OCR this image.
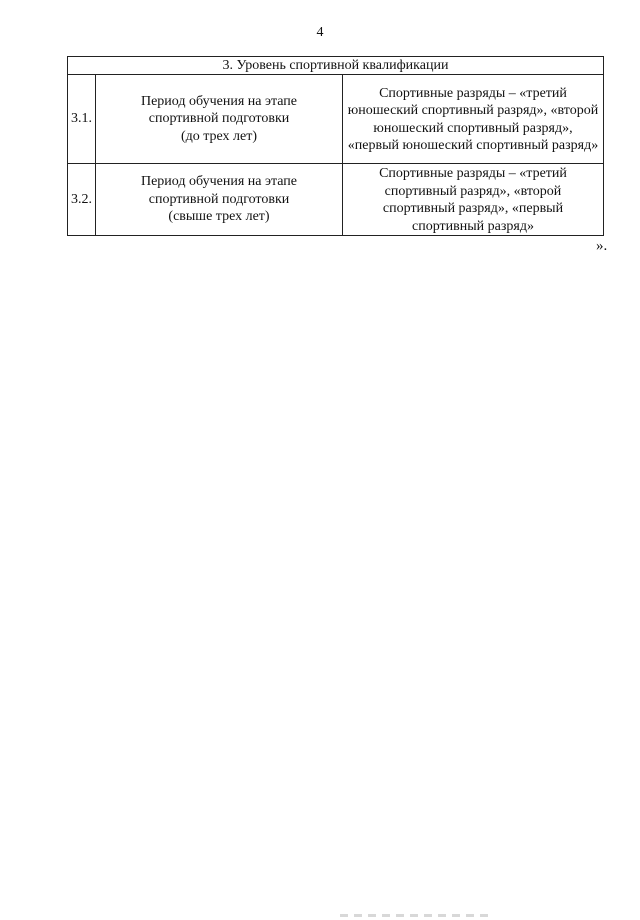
4
3. Уровень спортивной квалификации		
3.1.	Период обучения на этапе
спортивной подготовки
(до трех лет)	Спортивные разряды – «третий юношеский спортивный разряд», «второй юношеский спортивный разряд», «первый юношеский спортивный разряд»

3.2.	Период обучения на этапе
спортивной подготовки
(свыше трех лет)	Спортивные разряды – «третий спортивный разряд», «второй спортивный разряд», «первый спортивный разряд»
».
